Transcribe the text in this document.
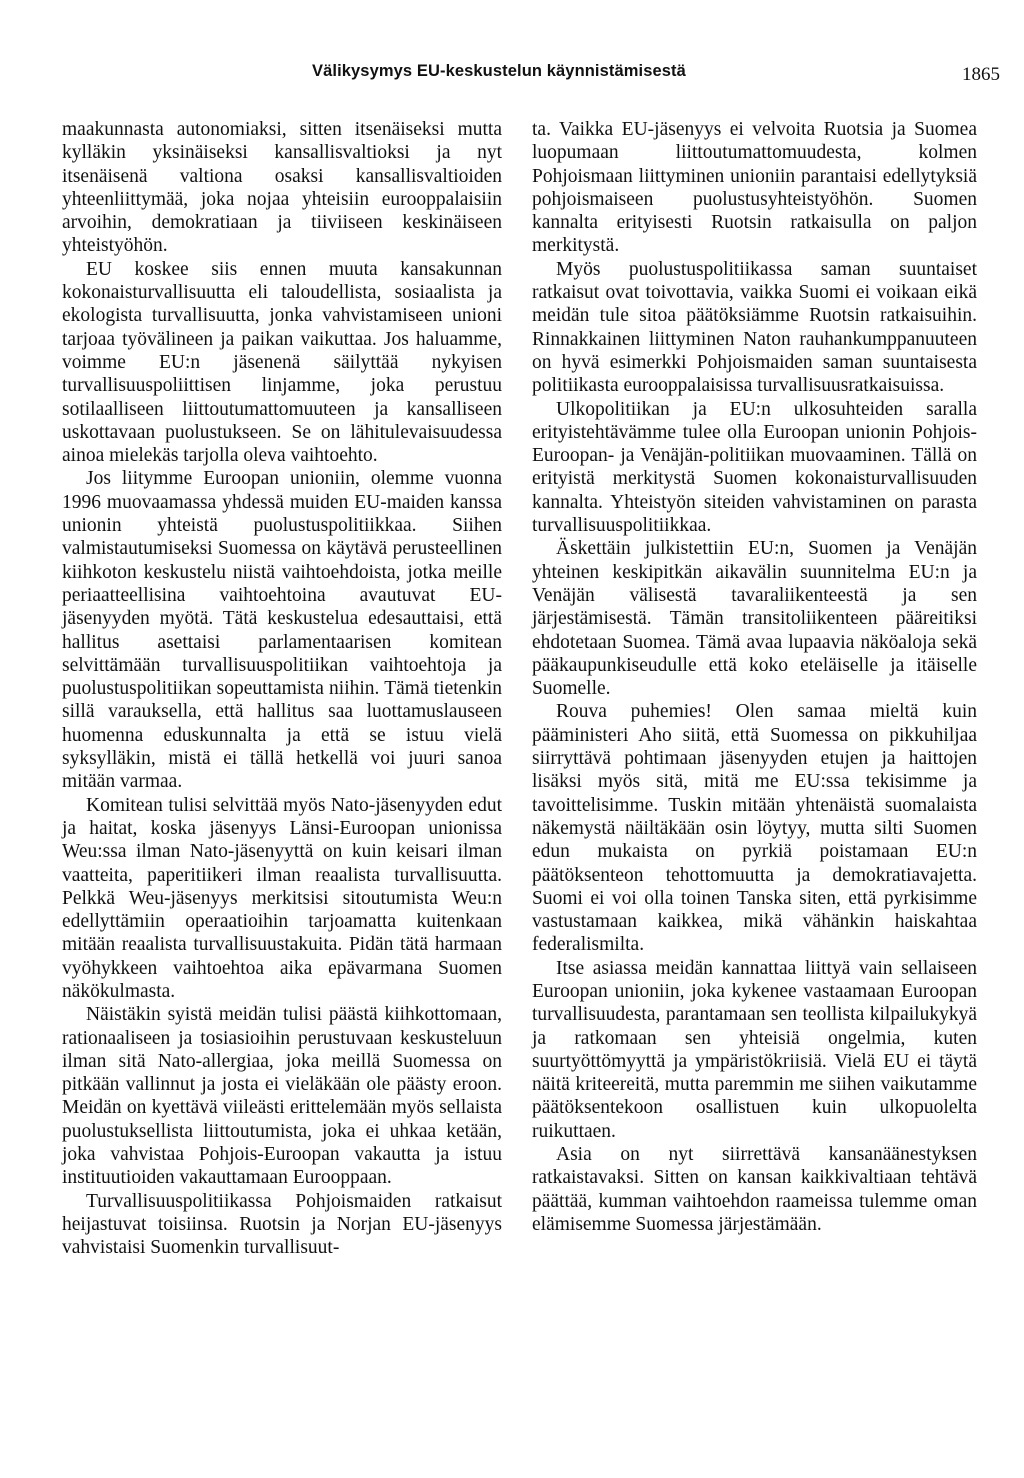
Välikysymys EU-keskustelun käynnistämisestä	1865

maakunnasta autonomiaksi, sitten itsenäiseksi mutta kylläkin yksinäiseksi kansallisvaltioksi ja nyt itsenäisenä valtiona osaksi kansallisvaltioiden yhteenliittymää, joka nojaa yhteisiin eurooppalaisiin arvoihin, demokratiaan ja tiiviiseen keskinäiseen yhteistyöhön.

EU koskee siis ennen muuta kansakunnan kokonaisturvallisuutta eli taloudellista, sosiaalista ja ekologista turvallisuutta, jonka vahvistamiseen unioni tarjoaa työvälineen ja paikan vaikuttaa. Jos haluamme, voimme EU:n jäsenenä säilyttää nykyisen turvallisuuspoliittisen linjamme, joka perustuu sotilaalliseen liittoutumattomuuteen ja kansalliseen uskottavaan puolustukseen. Se on lähitulevaisuudessa ainoa mielekäs tarjolla oleva vaihtoehto.

Jos liitymme Euroopan unioniin, olemme vuonna 1996 muovaamassa yhdessä muiden EU-maiden kanssa unionin yhteistä puolustuspolitiikkaa. Siihen valmistautumiseksi Suomessa on käytävä perusteellinen kiihkoton keskustelu niistä vaihtoehdoista, jotka meille periaatteellisina vaihtoehtoina avautuvat EU-jäsenyyden myötä. Tätä keskustelua edesauttaisi, että hallitus asettaisi parlamentaarisen komitean selvittämään turvallisuuspolitiikan vaihtoehtoja ja puolustuspolitiikan sopeuttamista niihin. Tämä tietenkin sillä varauksella, että hallitus saa luottamuslauseen huomenna eduskunnalta ja että se istuu vielä syksylläkin, mistä ei tällä hetkellä voi juuri sanoa mitään varmaa.

Komitean tulisi selvittää myös Nato-jäsenyyden edut ja haitat, koska jäsenyys Länsi-Euroopan unionissa Weu:ssa ilman Nato-jäsenyyttä on kuin keisari ilman vaatteita, paperitiikeri ilman reaalista turvallisuutta. Pelkkä Weu-jäsenyys merkitsisi sitoutumista Weu:n edellyttämiin operaatioihin tarjoamatta kuitenkaan mitään reaalista turvallisuustakuita. Pidän tätä harmaan vyöhykkeen vaihtoehtoa aika epävarmana Suomen näkökulmasta.

Näistäkin syistä meidän tulisi päästä kiihkottomaan, rationaaliseen ja tosiasioihin perustuvaan keskusteluun ilman sitä Nato-allergiaa, joka meillä Suomessa on pitkään vallinnut ja josta ei vieläkään ole päästy eroon. Meidän on kyettävä viileästi erittelemään myös sellaista puolustuksellista liittoutumista, joka ei uhkaa ketään, joka vahvistaa Pohjois-Euroopan vakautta ja istuu instituutioiden vakauttamaan Eurooppaan.

Turvallisuuspolitiikassa Pohjoismaiden ratkaisut heijastuvat toisiinsa. Ruotsin ja Norjan EU-jäsenyys vahvistaisi Suomenkin turvallisuut-

ta. Vaikka EU-jäsenyys ei velvoita Ruotsia ja Suomea luopumaan liittoutumattomuudesta, kolmen Pohjoismaan liittyminen unioniin parantaisi edellytyksiä pohjoismaiseen puolustusyhteistyöhön. Suomen kannalta erityisesti Ruotsin ratkaisulla on paljon merkitystä.

Myös puolustuspolitiikassa saman suuntaiset ratkaisut ovat toivottavia, vaikka Suomi ei voikaan eikä meidän tule sitoa päätöksiämme Ruotsin ratkaisuihin. Rinnakkainen liittyminen Naton rauhankumppanuuteen on hyvä esimerkki Pohjoismaiden saman suuntaisesta politiikasta eurooppalaisissa turvallisuusratkaisuissa.

Ulkopolitiikan ja EU:n ulkosuhteiden saralla erityistehtävämme tulee olla Euroopan unionin Pohjois-Euroopan- ja Venäjän-politiikan muovaaminen. Tällä on erityistä merkitystä Suomen kokonaisturvallisuuden kannalta. Yhteistyön siteiden vahvistaminen on parasta turvallisuuspolitiikkaa.

Äskettäin julkistettiin EU:n, Suomen ja Venäjän yhteinen keskipitkän aikavälin suunnitelma EU:n ja Venäjän välisestä tavaraliikenteestä ja sen järjestämisestä. Tämän transitoliikenteen pääreitiksi ehdotetaan Suomea. Tämä avaa lupaavia näköaloja sekä pääkaupunkiseudulle että koko eteläiselle ja itäiselle Suomelle.

Rouva puhemies! Olen samaa mieltä kuin pääministeri Aho siitä, että Suomessa on pikkuhiljaa siirryttävä pohtimaan jäsenyyden etujen ja haittojen lisäksi myös sitä, mitä me EU:ssa tekisimme ja tavoittelisimme. Tuskin mitään yhtenäistä suomalaista näkemystä näiltäkään osin löytyy, mutta silti Suomen edun mukaista on pyrkiä poistamaan EU:n päätöksenteon tehottomuutta ja demokratiavajetta. Suomi ei voi olla toinen Tanska siten, että pyrkisimme vastustamaan kaikkea, mikä vähänkin haiskahtaa federalismilta.

Itse asiassa meidän kannattaa liittyä vain sellaiseen Euroopan unioniin, joka kykenee vastaamaan Euroopan turvallisuudesta, parantamaan sen teollista kilpailukykyä ja ratkomaan sen yhteisiä ongelmia, kuten suurtyöttömyyttä ja ympäristökriisiä. Vielä EU ei täytä näitä kriteereitä, mutta paremmin me siihen vaikutamme päätöksentekoon osallistuen kuin ulkopuolelta ruikuttaen.

Asia on nyt siirrettävä kansanäänestyksen ratkaistavaksi. Sitten on kansan kaikkivaltiaan tehtävä päättää, kumman vaihtoehdon raameissa tulemme oman elämisemme Suomessa järjestämään.
